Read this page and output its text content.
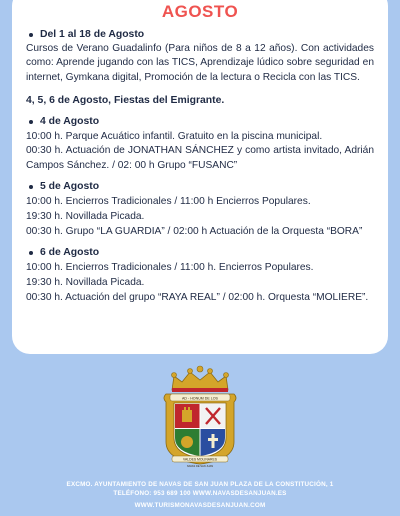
AGOSTO
Del 1 al 18 de Agosto

Cursos de Verano Guadalinfo (Para niños de 8 a 12 años). Con actividades como: Aprende jugando con las TICS, Aprendizaje lúdico sobre seguridad en internet, Gymkana digital, Promoción de la lectura o Recicla con las TICS.

4, 5, 6 de Agosto, Fiestas del Emigrante.
4 de Agosto
10:00 h. Parque Acuático infantil. Gratuito en la piscina municipal.
00:30 h. Actuación de JONATHAN SÁNCHEZ y como artista invitado, Adrián Campos Sánchez. / 02: 00 h Grupo “FUSANC”
5 de Agosto
10:00 h. Encierros Tradicionales / 11:00 h Encierros Populares.
19:30 h. Novillada Picada.
00:30 h. Grupo “LA GUARDIA” / 02:00 h Actuación de la Orquesta “BORA”
6 de Agosto
10:00 h. Encierros Tradicionales / 11:00 h. Encierros Populares.
19:30 h. Novillada Picada.
00:30 h. Actuación del grupo “RAYA REAL” / 02:00 h. Orquesta “MOLIERE”.
AD - HONUM DE LOS
VALDES MOLINARES
NAVAS DE SAN JUAN
EXCMO. AYUNTAMIENTO DE NAVAS DE SAN JUAN PLAZA DE LA CONSTITUCIÓN, 1
TELÉFONO: 953 689 100 WWW.NAVASDESANJUAN.ES
WWW.TURISMONAVASDESANJUAN.COM
